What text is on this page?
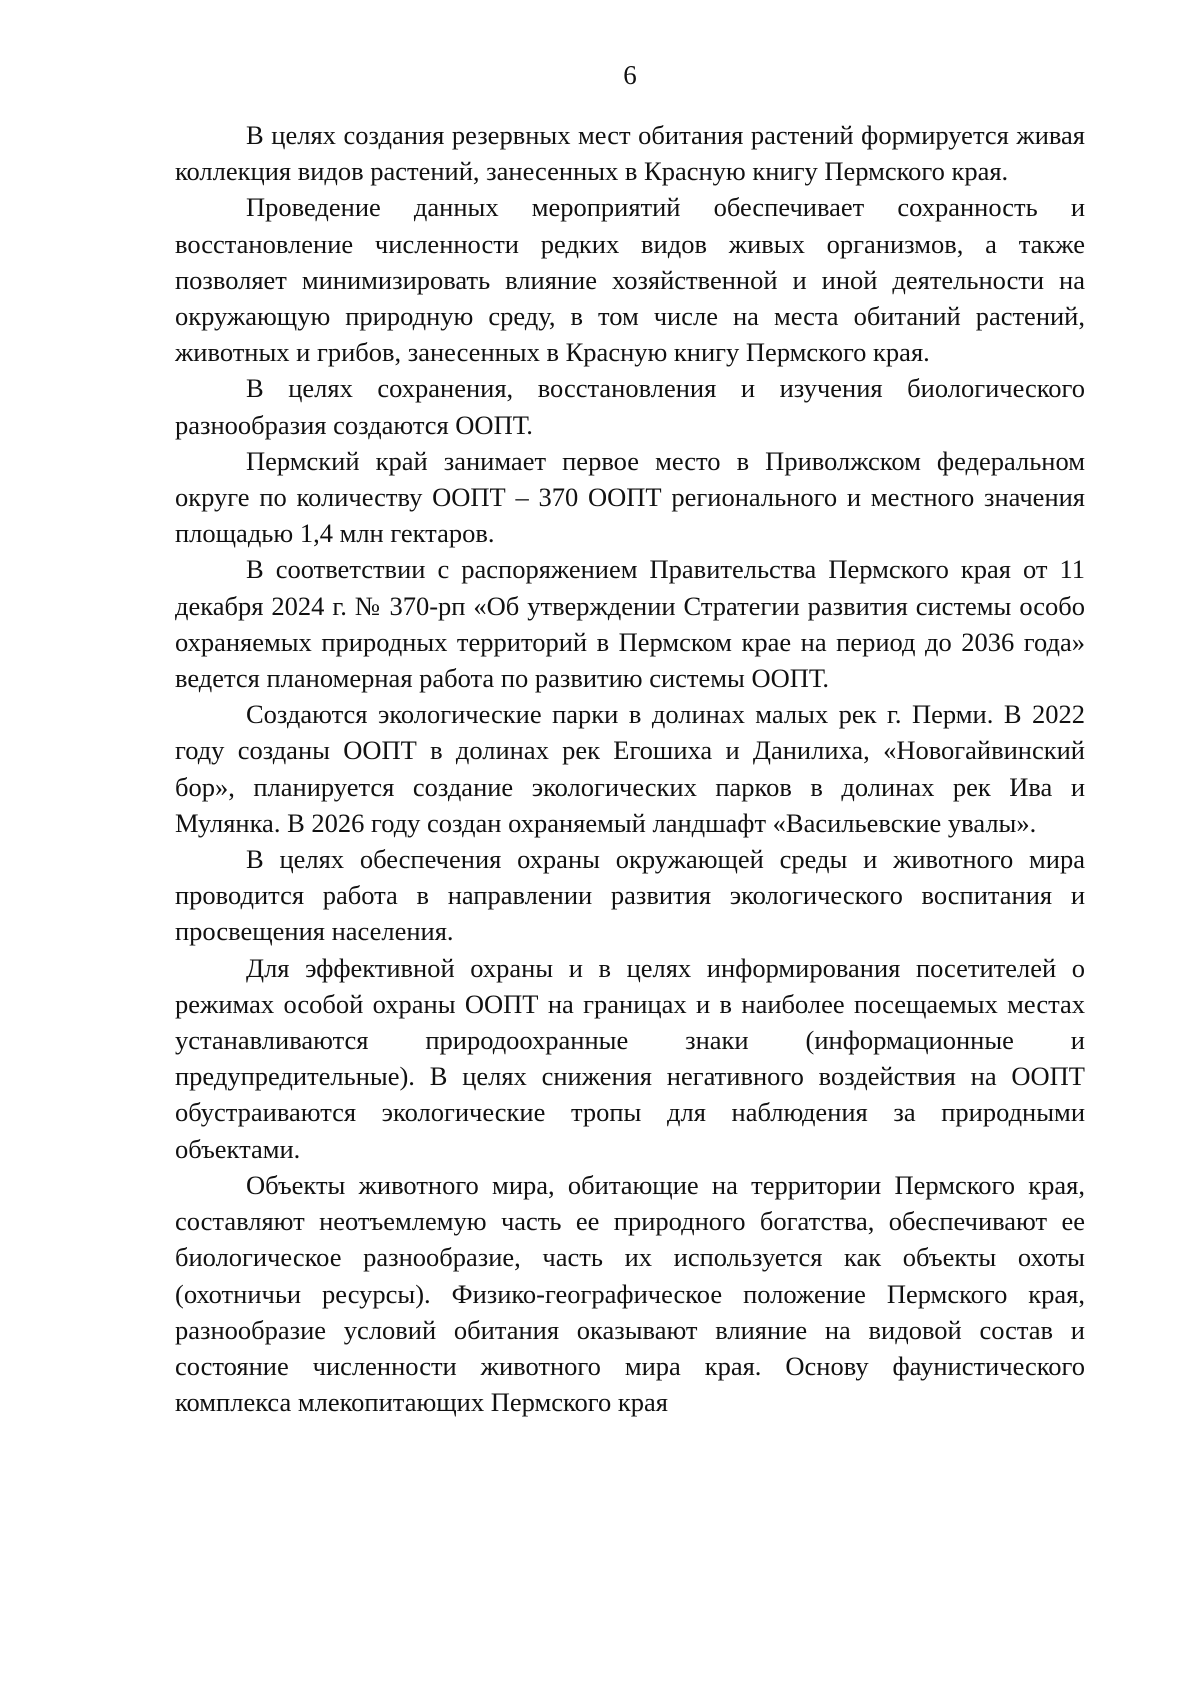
6

В целях создания резервных мест обитания растений формируется живая коллекция видов растений, занесенных в Красную книгу Пермского края.

Проведение данных мероприятий обеспечивает сохранность и восстановление численности редких видов живых организмов, а также позволяет минимизировать влияние хозяйственной и иной деятельности на окружающую природную среду, в том числе на места обитаний растений, животных и грибов, занесенных в Красную книгу Пермского края.

В целях сохранения, восстановления и изучения биологического разнообразия создаются ООПТ.

Пермский край занимает первое место в Приволжском федеральном округе по количеству ООПТ – 370 ООПТ регионального и местного значения площадью 1,4 млн гектаров.

В соответствии с распоряжением Правительства Пермского края от 11 декабря 2024 г. № 370-рп «Об утверждении Стратегии развития системы особо охраняемых природных территорий в Пермском крае на период до 2036 года» ведется планомерная работа по развитию системы ООПТ.

Создаются экологические парки в долинах малых рек г. Перми. В 2022 году созданы ООПТ в долинах рек Егошиха и Данилиха, «Новогайвинский бор», планируется создание экологических парков в долинах рек Ива и Мулянка. В 2026 году создан охраняемый ландшафт «Васильевские увалы».

В целях обеспечения охраны окружающей среды и животного мира проводится работа в направлении развития экологического воспитания и просвещения населения.

Для эффективной охраны и в целях информирования посетителей о режимах особой охраны ООПТ на границах и в наиболее посещаемых местах устанавливаются природоохранные знаки (информационные и предупредительные). В целях снижения негативного воздействия на ООПТ обустраиваются экологические тропы для наблюдения за природными объектами.

Объекты животного мира, обитающие на территории Пермского края, составляют неотъемлемую часть ее природного богатства, обеспечивают ее биологическое разнообразие, часть их используется как объекты охоты (охотничьи ресурсы). Физико-географическое положение Пермского края, разнообразие условий обитания оказывают влияние на видовой состав и состояние численности животного мира края. Основу фаунистического комплекса млекопитающих Пермского края
